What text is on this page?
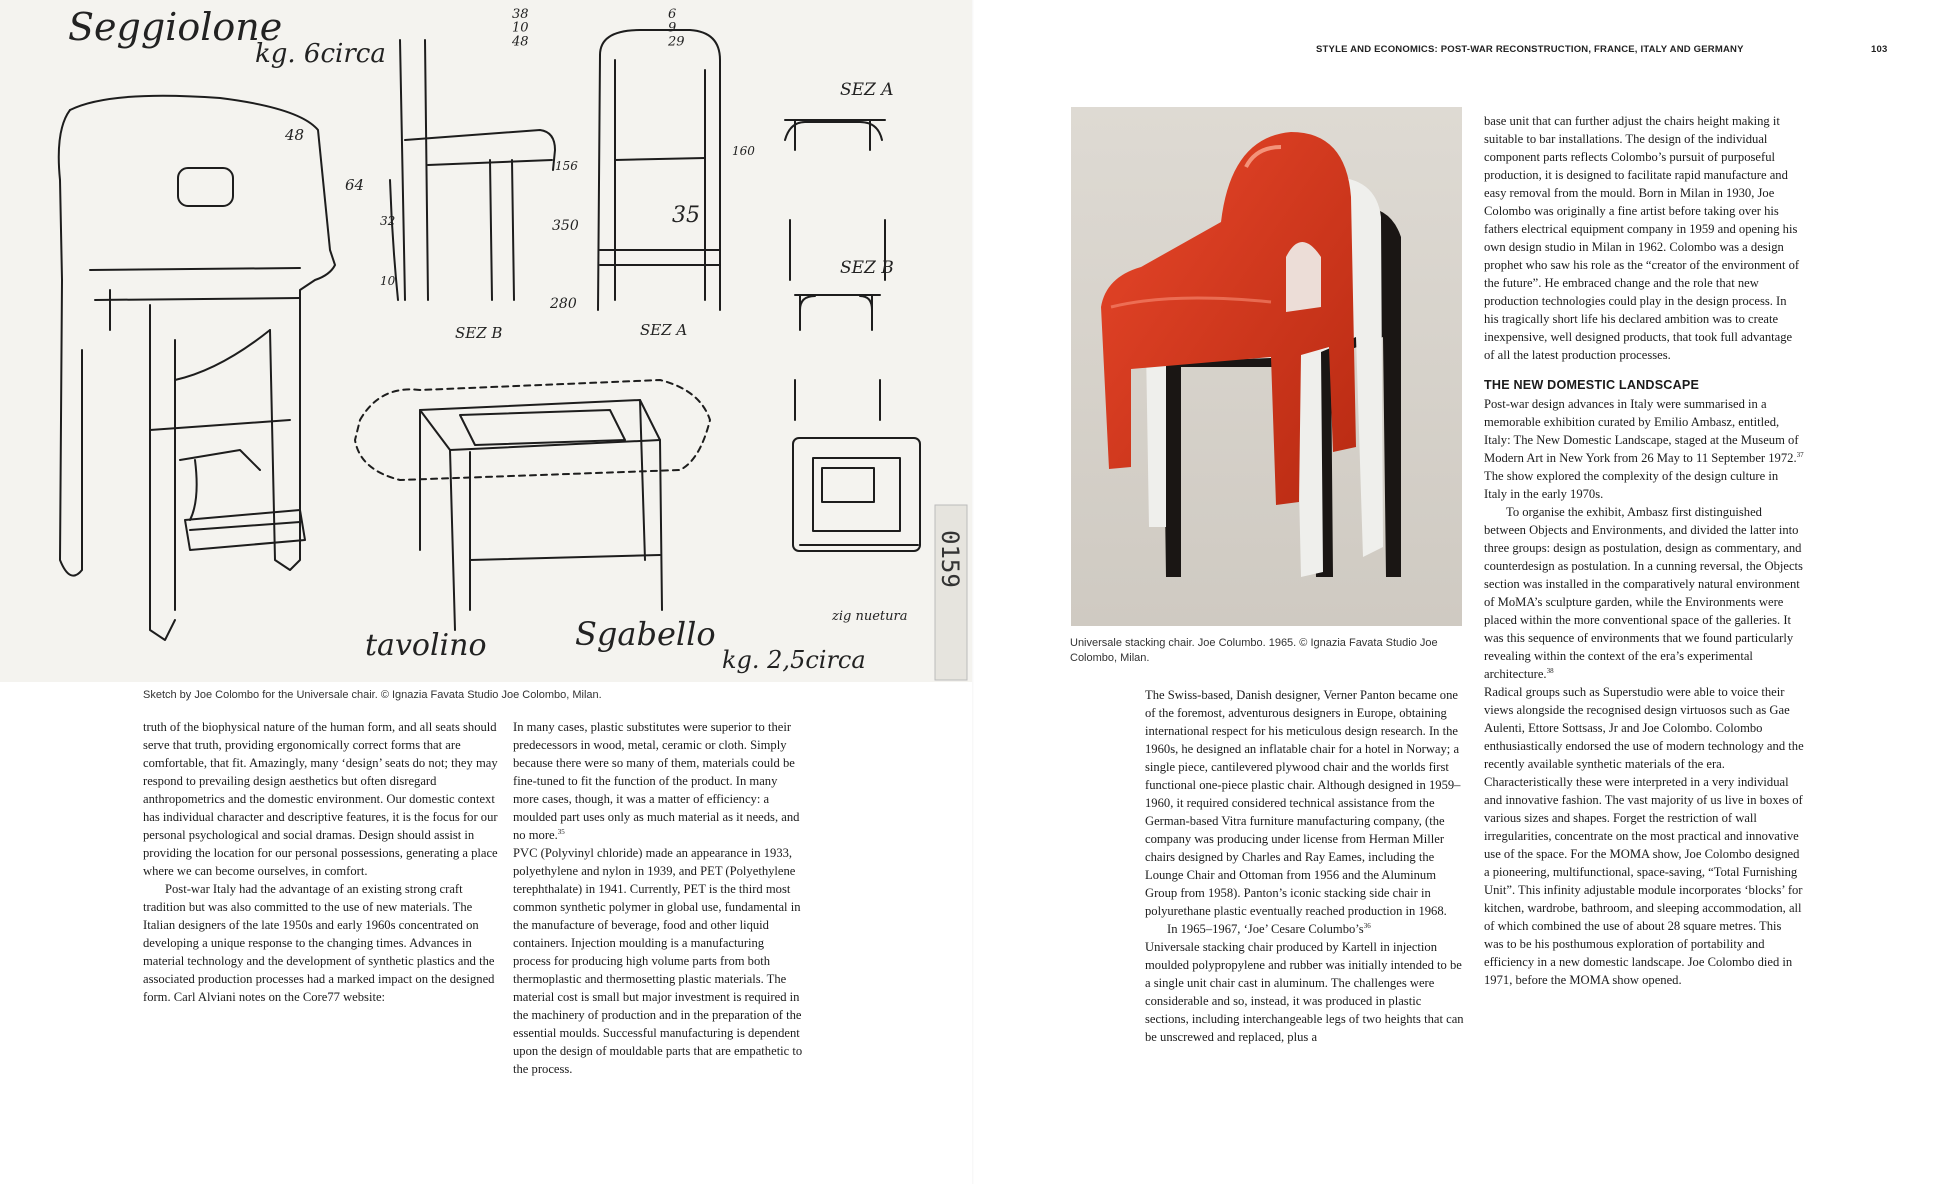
Seggiolone
kg. 6circa
38 10 48
6 9 29
SEZ A
SEZ B
SEZ B	SEZ A
160
350
280
35
156
48
64
32
10
tavolino	Sgabello
kg. 2,5circa
zig nuetura
0159
Sketch by Joe Colombo for the Universale chair. © Ignazia Favata Studio Joe Colombo, Milan.
STYLE AND ECONOMICS: POST-WAR RECONSTRUCTION, FRANCE, ITALY AND GERMANY	103
Universale stacking chair. Joe Columbo. 1965. © Ignazia Favata Studio Joe Colombo, Milan.

truth of the biophysical nature of the human form, and all seats should serve that truth, providing ergonomically correct forms that are comfortable, that fit. Amazingly, many ‘design’ seats do not; they may respond to prevailing design aesthetics but often disregard anthropometrics and the domestic environment. Our domestic context has individual character and descriptive features, it is the focus for our personal psychological and social dramas. Design should assist in providing the location for our personal possessions, generating a place where we can become ourselves, in comfort.

Post-war Italy had the advantage of an existing strong craft tradition but was also committed to the use of new materials. The Italian designers of the late 1950s and early 1960s concentrated on developing a unique response to the changing times. Advances in material technology and the development of synthetic plastics and the associated production processes had a marked impact on the designed form. Carl Alviani notes on the Core77 website:

In many cases, plastic substitutes were superior to their predecessors in wood, metal, ceramic or cloth. Simply because there were so many of them, materials could be fine-tuned to fit the function of the product. In many more cases, though, it was a matter of efficiency: a moulded part uses only as much material as it needs, and no more.$^{35}$

PVC (Polyvinyl chloride) made an appearance in 1933, polyethylene and nylon in 1939, and PET (Polyethylene terephthalate) in 1941. Currently, PET is the third most common synthetic polymer in global use, fundamental in the manufacture of beverage, food and other liquid containers. Injection moulding is a manufacturing process for producing high volume parts from both thermoplastic and thermosetting plastic materials. The material cost is small but major investment is required in the machinery of production and in the preparation of the essential moulds. Successful manufacturing is dependent upon the design of mouldable parts that are empathetic to the process.

The Swiss-based, Danish designer, Verner Panton became one of the foremost, adventurous designers in Europe, obtaining international respect for his meticulous design research. In the 1960s, he designed an inflatable chair for a hotel in Norway; a single piece, cantilevered plywood chair and the worlds first functional one-piece plastic chair. Although designed in 1959–1960, it required considered technical assistance from the German-based Vitra furniture manufacturing company, (the company was producing under license from Herman Miller chairs designed by Charles and Ray Eames, including the Lounge Chair and Ottoman from 1956 and the Aluminum Group from 1958). Panton’s iconic stacking side chair in polyurethane plastic eventually reached production in 1968.

In 1965–1967, ‘Joe’ Cesare $Columbo’s^{36}$
Universale stacking chair produced by Kartell in injection moulded polypropylene and rubber was initially intended to be a single unit chair cast in aluminum. The challenges were considerable and so, instead, it was produced in plastic sections, including interchangeable legs of two heights that can be unscrewed and replaced, plus a

base unit that can further adjust the chairs height making it suitable to bar installations. The design of the individual component parts reflects Colombo’s pursuit of purposeful production, it is designed to facilitate rapid manufacture and easy removal from the mould. Born in Milan in 1930, Joe Colombo was originally a fine artist before taking over his fathers electrical equipment company in 1959 and opening his own design studio in Milan in 1962. Colombo was a design prophet who saw his role as the “creator of the environment of the future”. He embraced change and the role that new production technologies could play in the design process. In his tragically short life his declared ambition was to create inexpensive, well designed products, that took full advantage of all the latest production processes.

THE NEW DOMESTIC LANDSCAPE

Post-war design advances in Italy were summarised in a memorable exhibition curated by Emilio Ambasz, entitled, Italy: The New Domestic Landscape, staged at the Museum of Modern Art in New York from 26 May to 11 September 1972.37 The show explored the complexity of the design culture in Italy in the early 1970s.

To organise the exhibit, Ambasz first distinguished between Objects and Environments, and divided the latter into three groups: design as postulation, design as commentary, and counterdesign as postulation. In a cunning reversal, the Objects section was installed in the comparatively natural environment of MoMA’s sculpture garden, while the Environments were placed within the more conventional space of the galleries. It was this sequence of environments that we found particularly revealing within the context of the era’s experimental architecture.$^{38}$

Radical groups such as Superstudio were able to voice their views alongside the recognised design virtuosos such as Gae Aulenti, Ettore Sottsass, Jr and Joe Colombo. Colombo enthusiastically endorsed the use of modern technology and the recently available synthetic materials of the era. Characteristically these were interpreted in a very individual and innovative fashion. The vast majority of us live in boxes of various sizes and shapes. Forget the restriction of wall irregularities, concentrate on the most practical and innovative use of the space. For the MOMA show, Joe Colombo designed a pioneering, multifunctional, space-saving, “Total Furnishing Unit”. This infinity adjustable module incorporates ‘blocks’ for kitchen, wardrobe, bathroom, and sleeping accommodation, all of which combined the use of about 28 square metres. This was to be his posthumous exploration of portability and efficiency in a new domestic landscape. Joe Colombo died in 1971, before the MOMA show opened.
